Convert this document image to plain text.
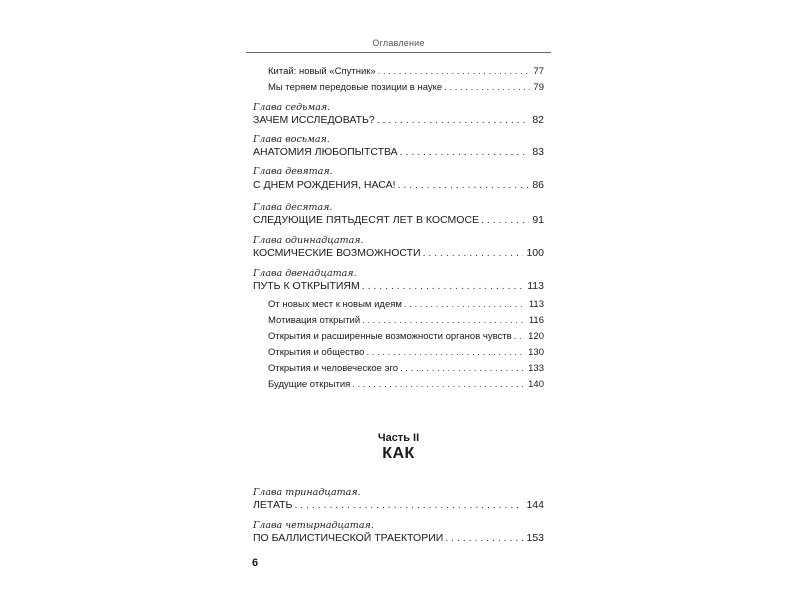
Оглавление
Китай: новый «Спутник» . . .	77
Мы теряем передовые позиции в науке . . .	79
Глава седьмая.
ЗАЧЕМ ИССЛЕДОВАТЬ? . . .	82
Глава восьмая.
АНАТОМИЯ ЛЮБОПЫТСТВА . . .	83
Глава девятая.
С ДНЕМ РОЖДЕНИЯ, НАСА! . . .	86
Глава десятая.
СЛЕДУЮЩИЕ ПЯТЬДЕСЯТ ЛЕТ В КОСМОСЕ . . .	91
Глава одиннадцатая.
КОСМИЧЕСКИЕ ВОЗМОЖНОСТИ . . .	100
Глава двенадцатая.
ПУТЬ К ОТКРЫТИЯМ . . .	113
От новых мест к новым идеям . . .	113
Мотивация открытий . . .	116
Открытия и расширенные возможности органов чувств . . . 120
Открытия и общество . . .	130
Открытия и человеческое эго . . .	133
Будущие открытия . . .	140
Часть II
КАК
Глава тринадцатая.
ЛЕТАТЬ . . .	144
Глава четырнадцатая.
ПО БАЛЛИСТИЧЕСКОЙ ТРАЕКТОРИИ . . .	153
6
